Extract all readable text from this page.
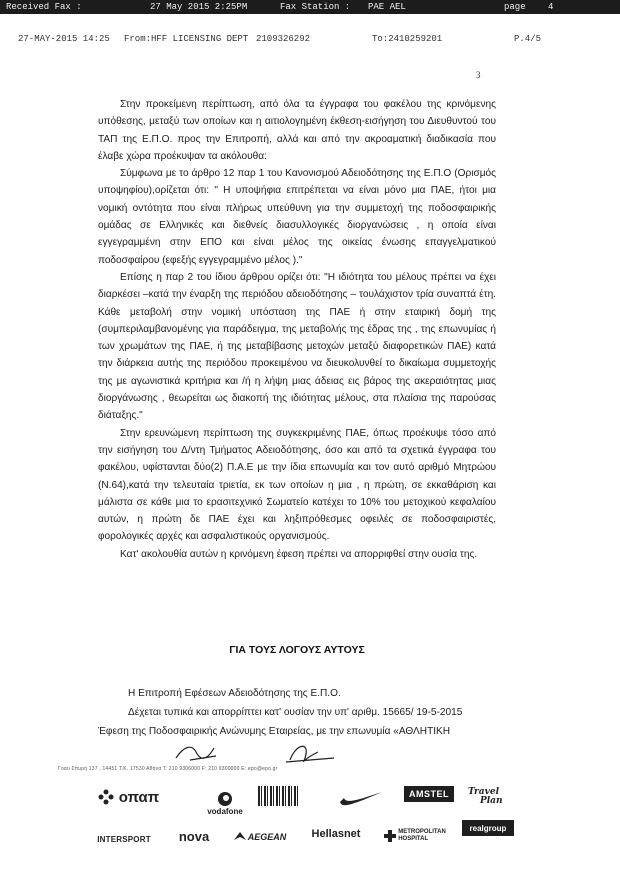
Received Fax :	27 May 2015 2:25PM	Fax Station : PAE AEL	page 4
27-MAY-2015 14:25 From:HFF LICENSING DEPT 2109326292	To:2410259201	P.4/5
3

Στην προκείμενη περίπτωση, από όλα τα έγγραφα του φακέλου της κρινόμενης υπόθεσης, μεταξύ των οποίων και η αιτιολογημένη έκθεση-εισήγηση του Διευθυντού του ΤΑΠ της Ε.Π.Ο. προς την Επιτροπή, αλλά και από την ακροαματική διαδικασία που έλαβε χώρα προέκυψαν τα ακόλουθα:

Σύμφωνα με το άρθρο 12 παρ 1 του Κανονισμού Αδειοδότησης της Ε.Π.Ο (Ορισμός υποψηφίου),ορίζεται ότι: " Η υποψήφια επιτρέπεται να είναι μόνο μια ΠΑΕ, ήτοι μια νομική οντότητα που είναι πλήρως υπεύθυνη για την συμμετοχή της ποδοσφαιρικής ομάδας σε Ελληνικές και διεθνείς διασυλλογικές διοργανώσεις , η οποία είναι εγγεγραμμένη στην ΕΠΟ και είναι μέλος της οικείας ένωσης επαγγελματικού ποδοσφαίρου (εφεξής εγγεγραμμένο μέλος )."

Επίσης η παρ 2 του ίδιου άρθρου ορίζει ότι: "Η ιδιότητα του μέλους πρέπει να έχει διαρκέσει –κατά την έναρξη της περιόδου αδειοδότησης – τουλάχιστον τρία συναπτά έτη. Κάθε μεταβολή στην νομική υπόσταση της ΠΑΕ ή στην εταιρική δομή της (συμπεριλαμβανομένης για παράδειγμα, της μεταβολής της έδρας της , της επωνυμίας ή των χρωμάτων της ΠΑΕ, ή της μεταβίβασης μετοχών μεταξύ διαφορετικών ΠΑΕ) κατά την διάρκεια αυτής της περιόδου προκειμένου να διευκολυνθεί το δικαίωμα συμμετοχής της με αγωνιστικά κριτήρια και /ή η λήψη μιας άδειας εις βάρος της ακεραιότητας μιας διοργάνωσης , θεωρείται ως διακοπή της ιδιότητας μέλους, στα πλαίσια της παρούσας διάταξης."

Στην ερευνώμενη περίπτωση της συγκεκριμένης ΠΑΕ, όπως προέκυψε τόσο από την εισήγηση του Δ/ντη Τμήματος Αδειοδότησης, όσο και από τα σχετικά έγγραφα του φακέλου, υφίστανται δύο(2) Π.Α.Ε με την ίδια επωνυμία και τον αυτό αριθμό Μητρώου (Ν.64),κατά την τελευταία τριετία, εκ των οποίων η μια , η πρώτη, σε εκκαθάριση και μάλιστα σε κάθε μια το ερασιτεχνικό Σωματείο κατέχει το 10% του μετοχικού κεφαλαίου αυτών, η πρώτη δε ΠΑΕ έχει και ληξιπρόθεσμες οφειλές σε ποδοσφαιριστές, φορολογικές αρχές και ασφαλιστικούς οργανισμούς.

Κατ' ακολουθία αυτών η κρινόμενη έφεση πρέπει να απορριφθεί στην ουσία της.

ΓΙΑ ΤΟΥΣ ΛΟΓΟΥΣ ΑΥΤΟΥΣ

Η Επιτροπή Εφέσεων Αδειοδότησης της Ε.Π.Ο.

Δέχεται τυπικά και απορρίπτει κατ' ουσίαν την υπ' αριθμ. 15665/ 19-5-2015

Έφεση της Ποδοσφαιρικής Ανώνυμης Εταιρείας, με την επωνυμία «ΑΘΛΗΤΙΚΗ

Γοαυ Σπυρή 137 , 14451 Τ.Κ. 17530 Αθήνα Τ: 210 9306000 F: 210 9300000 E: epo@epo.gr
οπαπ
vodafone
AMSTEL Travel
Plan
INTERSPORT nova	AEGEAN Hellasnet	METROPOLITAN
HOSPITAL
realgroup
